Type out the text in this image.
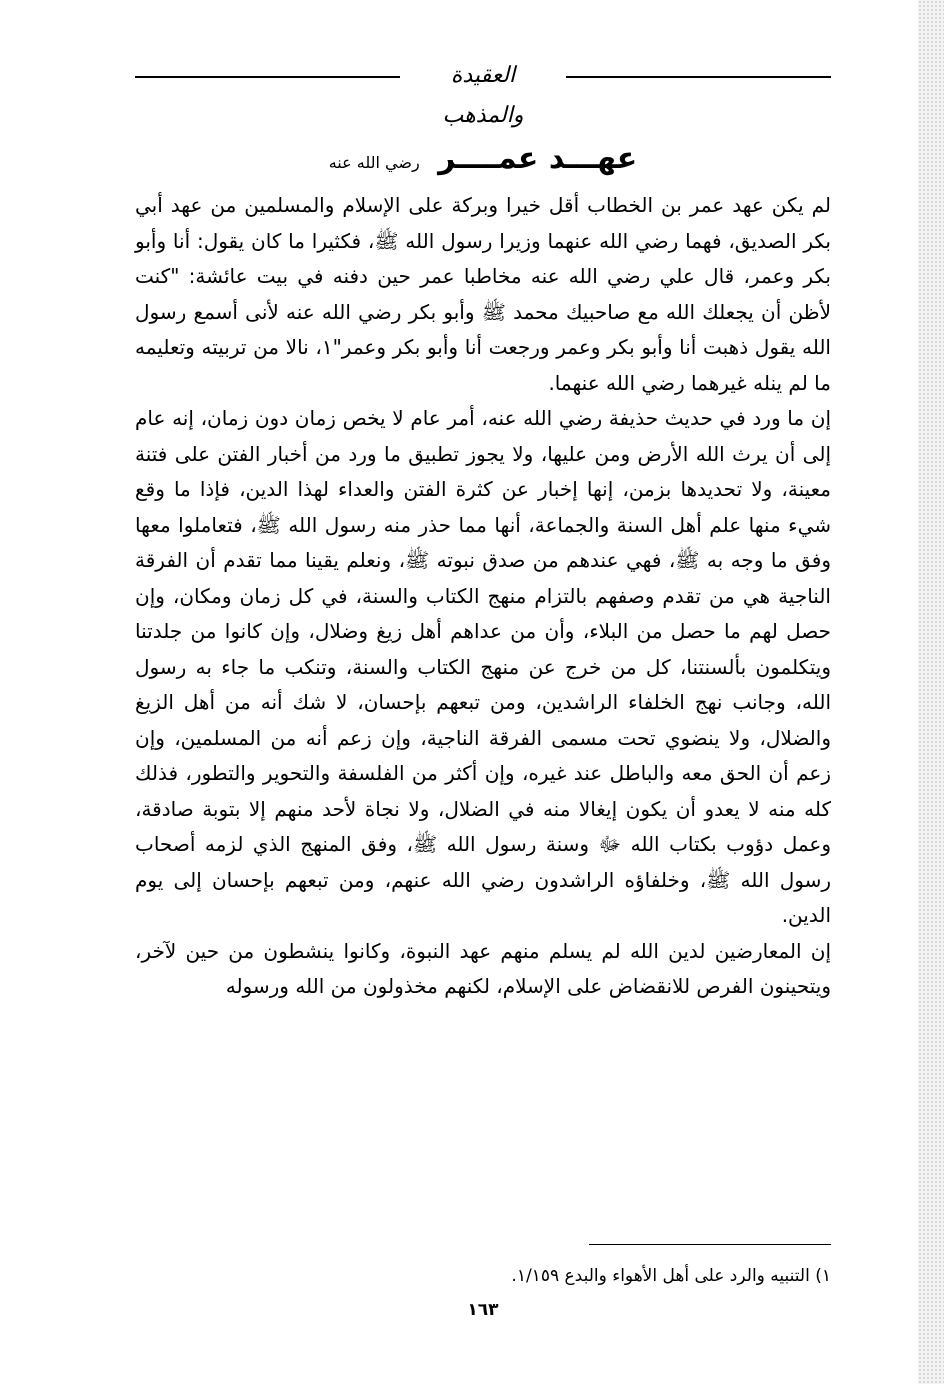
العقيدة والمذهب
عهـــد عمــــر رضي الله عنه

لم يكن عهد عمر بن الخطاب أقل خيرا وبركة على الإسلام والمسلمين من عهد أبي بكر الصديق، فهما رضي الله عنهما وزيرا رسول الله ﷺ، فكثيرا ما كان يقول: أنا وأبو بكر وعمر، قال علي رضي الله عنه مخاطبا عمر حين دفنه في بيت عائشة: "كنت لأظن أن يجعلك الله مع صاحبيك محمد ﷺ وأبو بكر رضي الله عنه لأنى أسمع رسول الله يقول ذهبت أنا وأبو بكر وعمر ورجعت أنا وأبو بكر وعمر"١، نالا من تربيته وتعليمه ما لم ينله غيرهما رضي الله عنهما.

إن ما ورد في حديث حذيفة رضي الله عنه، أمر عام لا يخص زمان دون زمان، إنه عام إلى أن يرث الله الأرض ومن عليها، ولا يجوز تطبيق ما ورد من أخبار الفتن على فتنة معينة، ولا تحديدها بزمن، إنها إخبار عن كثرة الفتن والعداء لهذا الدين، فإذا ما وقع شيء منها علم أهل السنة والجماعة، أنها مما حذر منه رسول الله ﷺ، فتعاملوا معها وفق ما وجه به ﷺ، فهي عندهم من صدق نبوته ﷺ، ونعلم يقينا مما تقدم أن الفرقة الناجية هي من تقدم وصفهم بالتزام منهج الكتاب والسنة، في كل زمان ومكان، وإن حصل لهم ما حصل من البلاء، وأن من عداهم أهل زيغ وضلال، وإن كانوا من جلدتنا ويتكلمون بألسنتنا، كل من خرج عن منهج الكتاب والسنة، وتنكب ما جاء به رسول الله، وجانب نهج الخلفاء الراشدين، ومن تبعهم بإحسان، لا شك أنه من أهل الزيغ والضلال، ولا ينضوي تحت مسمى الفرقة الناجية، وإن زعم أنه من المسلمين، وإن زعم أن الحق معه والباطل عند غيره، وإن أكثر من الفلسفة والتحوير والتطور، فذلك كله منه لا يعدو أن يكون إيغالا منه في الضلال، ولا نجاة لأحد منهم إلا بتوبة صادقة، وعمل دؤوب بكتاب الله ﷻ وسنة رسول الله ﷺ، وفق المنهج الذي لزمه أصحاب رسول الله ﷺ، وخلفاؤه الراشدون رضي الله عنهم، ومن تبعهم بإحسان إلى يوم الدين.

إن المعارضين لدين الله لم يسلم منهم عهد النبوة، وكانوا ينشطون من حين لآخر، ويتحينون الفرص للانقضاض على الإسلام، لكنهم مخذولون من الله ورسوله

١) التنبيه والرد على أهل الأهواء والبدع ١/١٥٩.
١٦٣
